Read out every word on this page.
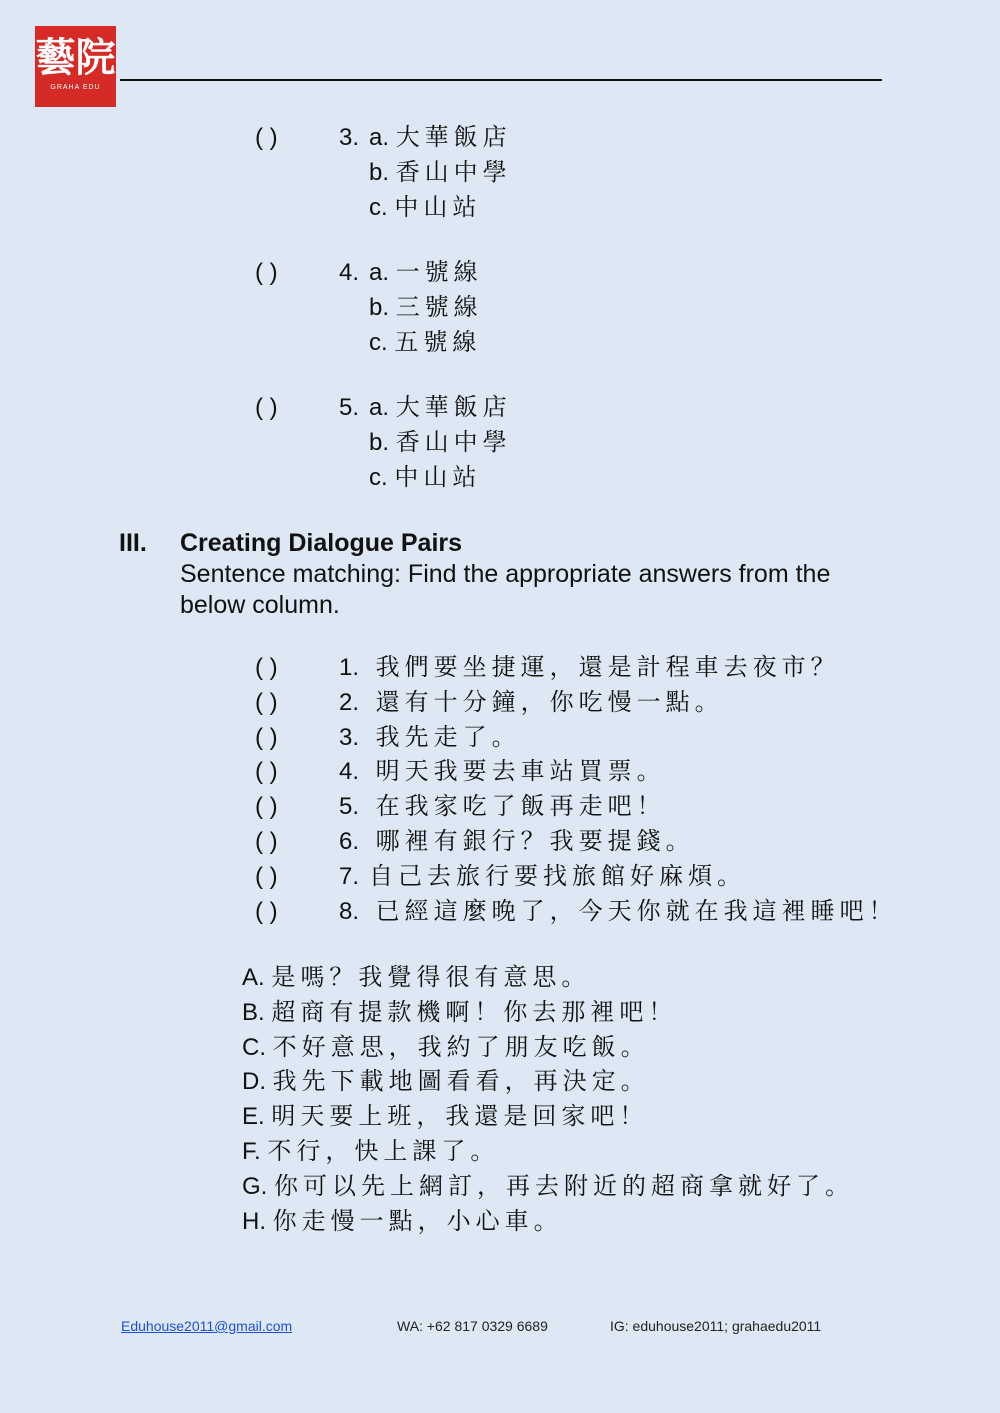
藝院
GRAHA EDU
( )	3. a. 大華飯店
b. 香山中學
c. 中山站
( )	4. a. 一號線
b. 三號線
c. 五號線
( )	5. a. 大華飯店
b. 香山中學
c. 中山站
III. Creating Dialogue Pairs
Sentence matching: Find the appropriate answers from the below column.
( )	1. 我們要坐捷運，還是計程車去夜市？
( )	2. 還有十分鐘，你吃慢一點。
( )	3. 我先走了。
( )	4. 明天我要去車站買票。
( )	5. 在我家吃了飯再走吧！
( )	6. 哪裡有銀行？我要提錢。
( )	7. 自己去旅行要找旅館好麻煩。
( )	8. 已經這麼晚了，今天你就在我這裡睡吧！
A. 是嗎？我覺得很有意思。
B. 超商有提款機啊！你去那裡吧！
C. 不好意思，我約了朋友吃飯。
D. 我先下載地圖看看，再決定。
E. 明天要上班，我還是回家吧！
F. 不行，快上課了。
G. 你可以先上網訂，再去附近的超商拿就好了。
H. 你走慢一點，小心車。
Eduhouse2011@gmail.com	WA: +62 817 0329 6689	IG: eduhouse2011; grahaedu2011
